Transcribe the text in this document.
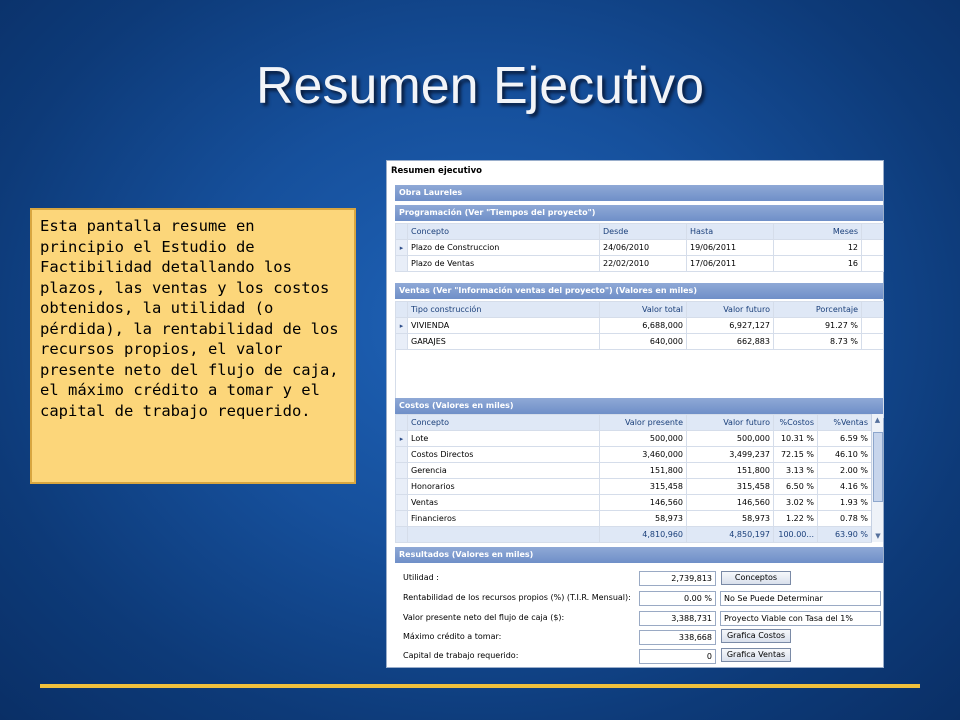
Resumen Ejecutivo
Esta pantalla resume en principio el Estudio de Factibilidad detallando los plazos, las ventas y los costos obtenidos, la utilidad (o pérdida), la rentabilidad de los recursos propios, el valor presente neto del flujo de caja, el máximo crédito a tomar y el capital de trabajo requerido.
Resumen ejecutivo
Obra Laureles
Programación (Ver "Tiempos del proyecto")
	Concepto	Desde	Hasta	Meses	
▸	Plazo de Construccion	24/06/2010	19/06/2011	12	
	Plazo de Ventas	22/02/2010	17/06/2011	16	
Ventas (Ver "Información ventas del proyecto") (Valores en miles)
	Tipo construcción	Valor total	Valor futuro	Porcentaje	
▸	VIVIENDA	6,688,000	6,927,127	91.27 %	
	GARAJES	640,000	662,883	8.73 %	

Costos (Valores en miles)
	Concepto	Valor presente	Valor futuro	%Costos	%Ventas
▸	Lote	500,000	500,000	10.31 %	6.59 %
	Costos Directos	3,460,000	3,499,237	72.15 %	46.10 %
	Gerencia	151,800	151,800	3.13 %	2.00 %
	Honorarios	315,458	315,458	6.50 %	4.16 %
	Ventas	146,560	146,560	3.02 %	1.93 %
	Financieros	58,973	58,973	1.22 %	0.78 %
		4,810,960	4,850,197	100.00...	63.90 %
▲
▼
Resultados (Valores en miles)
Utilidad :	2,739,813	Conceptos
Rentabilidad de los recursos propios (%) (T.I.R. Mensual):	0.00 %	No Se Puede Determinar
Valor presente neto del flujo de caja ($):	3,388,731	Proyecto Viable con Tasa del 1%
Máximo crédito a tomar:	338,668	Grafica Costos
Capital de trabajo requerido:	0	Grafica Ventas
